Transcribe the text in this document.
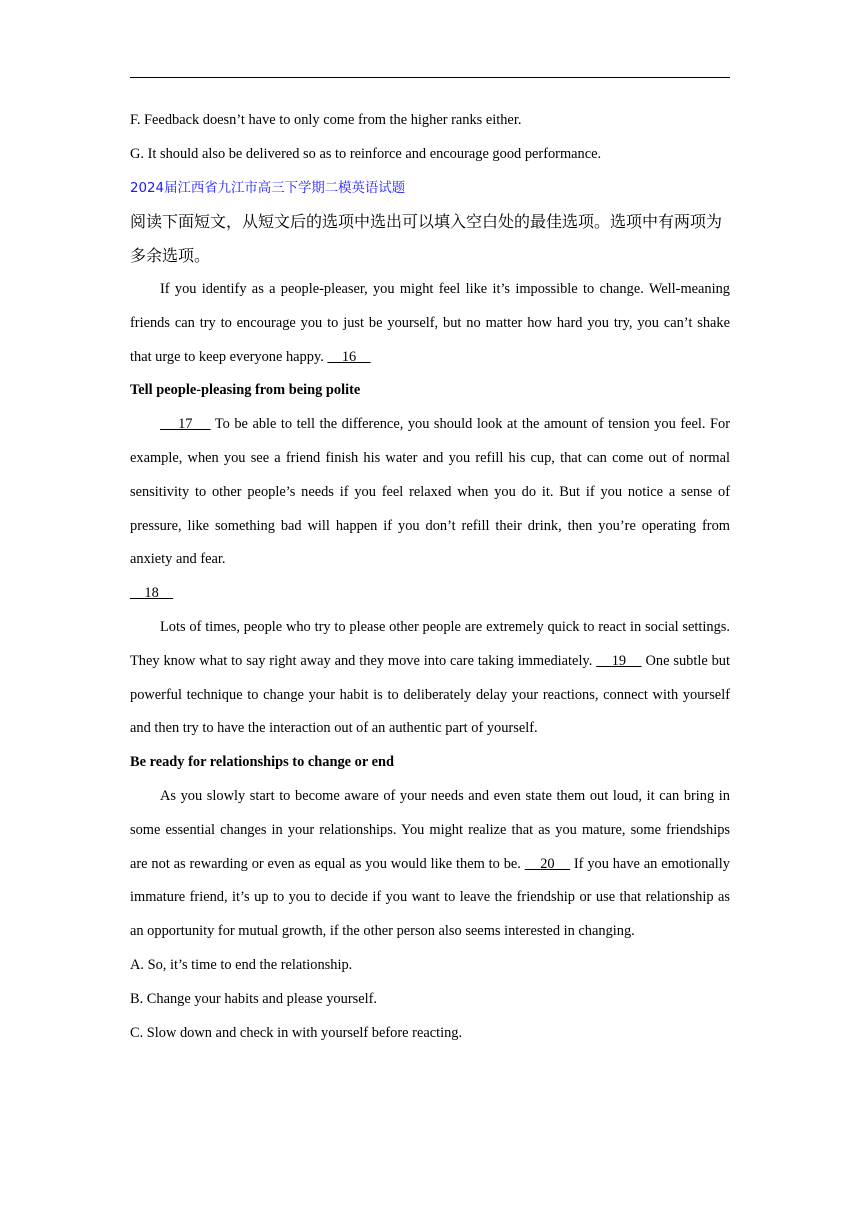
F. Feedback doesn’t have to only come from the higher ranks either.

G. It should also be delivered so as to reinforce and encourage good performance.

2024届江西省九江市高三下学期二模英语试题

阅读下面短文，从短文后的选项中选出可以填入空白处的最佳选项。选项中有两项为多余选项。

If you identify as a people-pleaser, you might feel like it’s impossible to change. Well-meaning friends can try to encourage you to just be yourself, but no matter how hard you try, you can’t shake that urge to keep everyone happy. 16

Tell people-pleasing from being polite

17 To be able to tell the difference, you should look at the amount of tension you feel. For example, when you see a friend finish his water and you refill his cup, that can come out of normal sensitivity to other people’s needs if you feel relaxed when you do it. But if you notice a sense of pressure, like something bad will happen if you don’t refill their drink, then you’re operating from anxiety and fear.

18

Lots of times, people who try to please other people are extremely quick to react in social settings. They know what to say right away and they move into care taking immediately. 19 One subtle but powerful technique to change your habit is to deliberately delay your reactions, connect with yourself and then try to have the interaction out of an authentic part of yourself.

Be ready for relationships to change or end

As you slowly start to become aware of your needs and even state them out loud, it can bring in some essential changes in your relationships. You might realize that as you mature, some friendships are not as rewarding or even as equal as you would like them to be. 20 If you have an emotionally immature friend, it’s up to you to decide if you want to leave the friendship or use that relationship as an opportunity for mutual growth, if the other person also seems interested in changing.

A. So, it’s time to end the relationship.

B. Change your habits and please yourself.

C. Slow down and check in with yourself before reacting.
